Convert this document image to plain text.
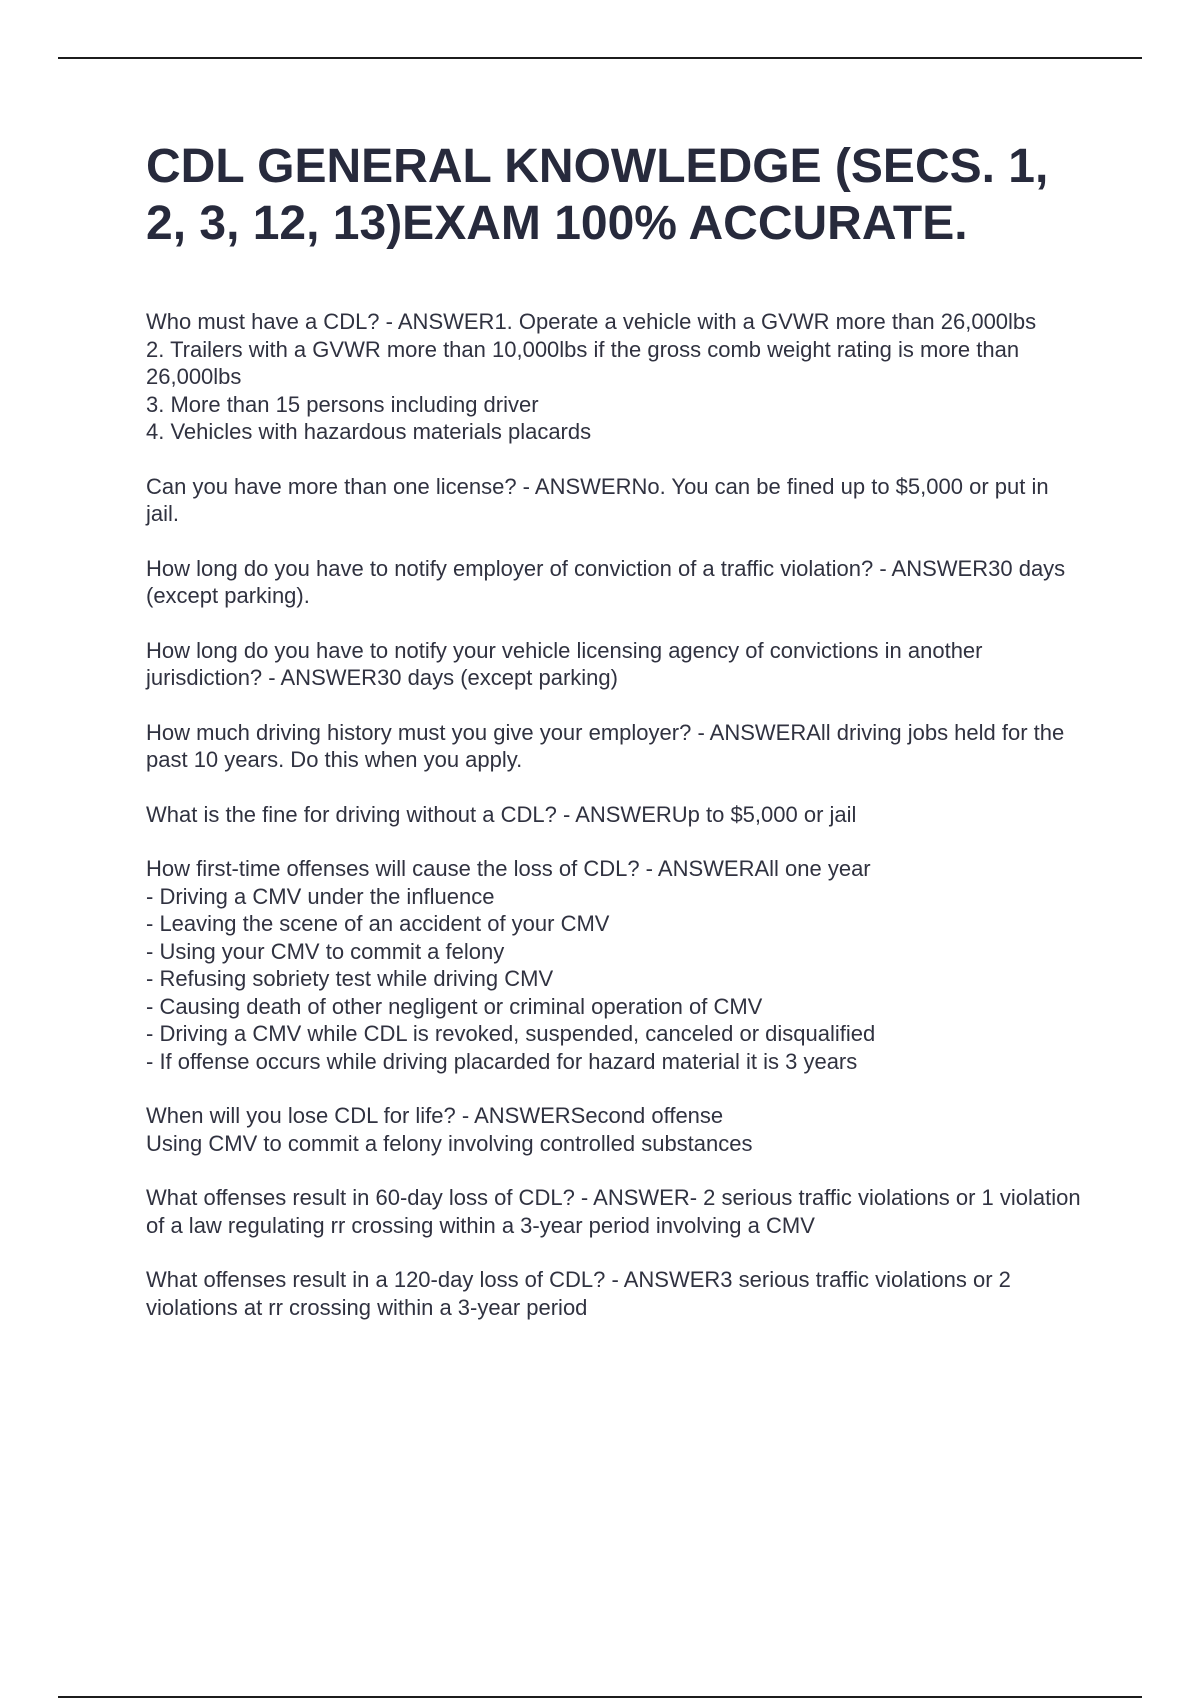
CDL GENERAL KNOWLEDGE (SECS. 1, 2, 3, 12, 13)EXAM 100% ACCURATE.

Who must have a CDL? - ANSWER1. Operate a vehicle with a GVWR more than 26,000lbs
2. Trailers with a GVWR more than 10,000lbs if the gross comb weight rating is more than 26,000lbs
3. More than 15 persons including driver
4. Vehicles with hazardous materials placards

Can you have more than one license? - ANSWERNo. You can be fined up to $5,000 or put in jail.

How long do you have to notify employer of conviction of a traffic violation? - ANSWER30 days (except parking).

How long do you have to notify your vehicle licensing agency of convictions in another jurisdiction? - ANSWER30 days (except parking)

How much driving history must you give your employer? - ANSWERAll driving jobs held for the past 10 years. Do this when you apply.

What is the fine for driving without a CDL? - ANSWERUp to $5,000 or jail

How first-time offenses will cause the loss of CDL? - ANSWERAll one year
- Driving a CMV under the influence
- Leaving the scene of an accident of your CMV
- Using your CMV to commit a felony
- Refusing sobriety test while driving CMV
- Causing death of other negligent or criminal operation of CMV
- Driving a CMV while CDL is revoked, suspended, canceled or disqualified
- If offense occurs while driving placarded for hazard material it is 3 years

When will you lose CDL for life? - ANSWERSecond offense
Using CMV to commit a felony involving controlled substances

What offenses result in 60-day loss of CDL? - ANSWER- 2 serious traffic violations or 1 violation of a law regulating rr crossing within a 3-year period involving a CMV

What offenses result in a 120-day loss of CDL? - ANSWER3 serious traffic violations or 2 violations at rr crossing within a 3-year period
